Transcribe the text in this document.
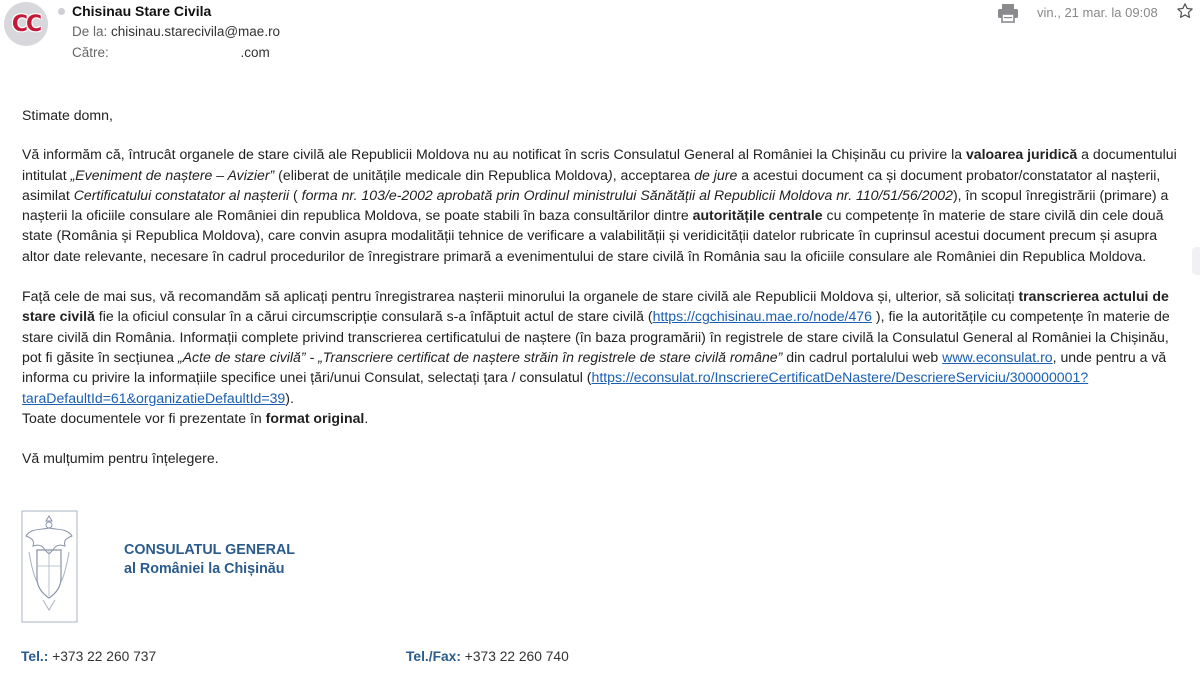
CC
Chisinau Stare Civila
De la: chisinau.starecivila@mae.ro
Către:	.com
vin., 21 mar. la 09:08

Stimate domn,

Vă informăm că, întrucât organele de stare civilă ale Republicii Moldova nu au notificat în scris Consulatul General al României la Chișinău cu privire la valoarea juridică a documentului intitulat „Eveniment de naștere – Avizier” (eliberat de unitățile medicale din Republica Moldova), acceptarea de jure a acestui document ca și document probator/constatator al nașterii, asimilat Certificatului constatator al nașterii ( forma nr. 103/e-2002 aprobată prin Ordinul ministrului Sănătății al Republicii Moldova nr. 110/51/56/2002), în scopul înregistrării (primare) a nașterii la oficiile consulare ale României din republica Moldova, se poate stabili în baza consultărilor dintre autoritățile centrale cu competențe în materie de stare civilă din cele două state (România și Republica Moldova), care convin asupra modalității tehnice de verificare a valabilității și veridicității datelor rubricate în cuprinsul acestui document precum și asupra altor date relevante, necesare în cadrul procedurilor de înregistrare primară a evenimentului de stare civilă în România sau la oficiile consulare ale României din Republica Moldova.

Față cele de mai sus, vă recomandăm să aplicați pentru înregistrarea nașterii minorului la organele de stare civilă ale Republicii Moldova și, ulterior, să solicitați transcrierea actului de stare civilă fie la oficiul consular în a cărui circumscripție consulară s-a înfăptuit actul de stare civilă (https://cgchisinau.mae.ro/node/476 ), fie la autoritățile cu competențe în materie de stare civilă din România. Informații complete privind transcrierea certificatului de naștere (în baza programării) în registrele de stare civilă la Consulatul General al României la Chișinău, pot fi găsite în secțiunea „Acte de stare civilă” - „Transcriere certificat de naștere străin în registrele de stare civilă române” din cadrul portalului web www.econsulat.ro, unde pentru a vă informa cu privire la informațiile specifice unei țări/unui Consulat, selectați țara / consulatul (https://econsulat.ro/InscriereCertificatDeNastere/DescriereServiciu/300000001?taraDefaultId=61&organizatieDefaultId=39).

Toate documentele vor fi prezentate în format original.

Vă mulțumim pentru înțelegere.

CONSULATUL GENERAL
al României la Chișinău
Tel.: +373 22 260 737	Tel./Fax: +373 22 260 740
